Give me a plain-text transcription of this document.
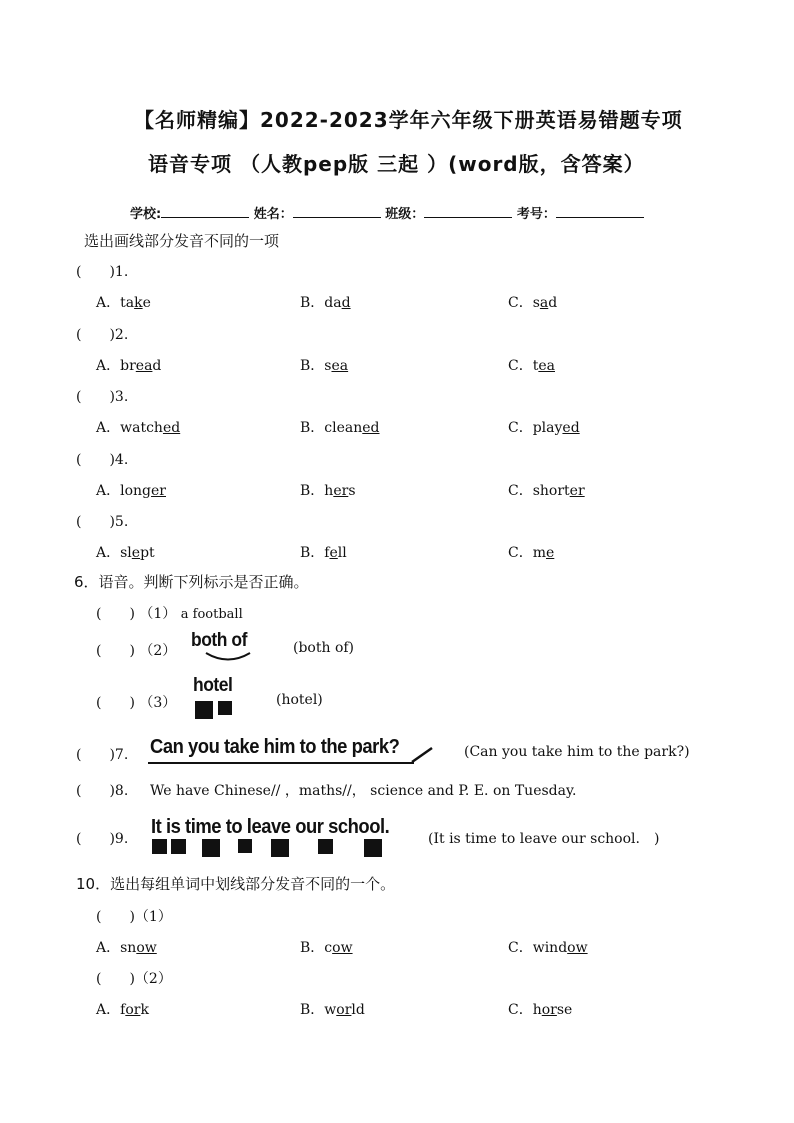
【名师精编】2022-2023学年六年级下册英语易错题专项
语音专项 （人教pep版 三起 ）(word版，含答案）
学校:	姓名：	班级：	考号：
选出画线部分发音不同的一项
(　　)1.
A．take	B．dad	C．sad
(　　)2.
A．bread	B．sea	C．tea
(　　)3.
A．watched	B．cleaned	C．played
(　　)4.
A．longer	B．hers	C．shorter
(　　)5.
A．slept	B．fell	C．me
6．语音。判断下列标示是否正确。
(　　) （1） a football
(　　) （2） both of	(both of)
(　　) （3）
hotel
(hotel)
(　　)7. Can you take him to the park?	(Can you take him to the park?)
(　　)8. We have Chinese// ，maths//， science and P. E. on Tuesday.
(　　)9.
It is time to leave our school.
(It is time to leave our school.　)
10．选出每组单词中划线部分发音不同的一个。
(　　)（1）
A．snow	B．cow	C．window
(　　)（2）
A．fork	B．world	C．horse
